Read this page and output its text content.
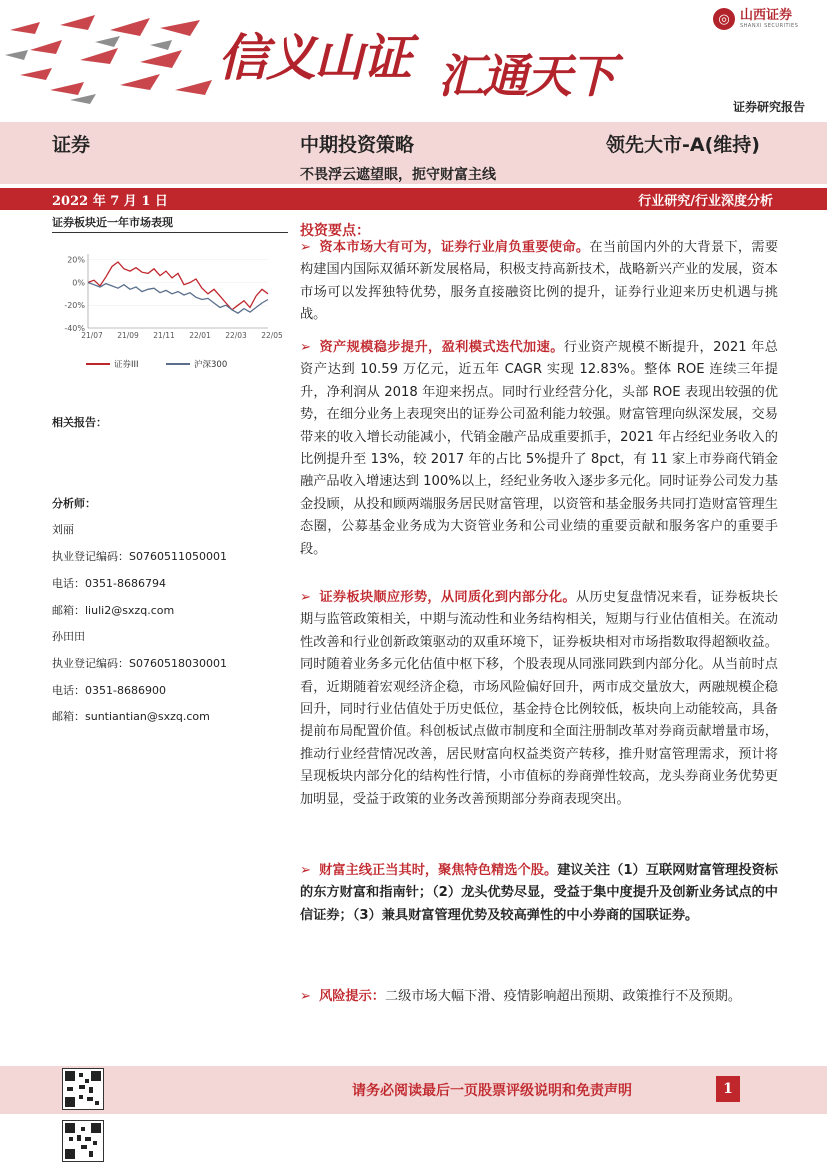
信义山证 汇通天下
◎ 山西证券
SHANXI SECURITIES
证券研究报告
证券	中期投资策略	领先大市-A(维持)
不畏浮云遮望眼，扼守财富主线
2022 年 7 月 1 日	行业研究/行业深度分析
证券板块近一年市场表现
20%
0%
-20%
-40%
21/07 21/09 21/11 22/01 22/03 22/05
证券III	沪深300
相关报告：
分析师：
刘丽
执业登记编码：S0760511050001
电话：0351-8686794
邮箱：liuli2@sxzq.com
孙田田
执业登记编码：S0760518030001
电话：0351-8686900
邮箱：suntiantian@sxzq.com
投资要点：
➢ 资本市场大有可为，证券行业肩负重要使命。在当前国内外的大背景下，需要构建国内国际双循环新发展格局，积极支持高新技术，战略新兴产业的发展，资本市场可以发挥独特优势，服务直接融资比例的提升，证券行业迎来历史机遇与挑战。
➢ 资产规模稳步提升，盈利模式迭代加速。行业资产规模不断提升，2021 年总资产达到 10.59 万亿元，近五年 CAGR 实现 12.83%。整体 ROE 连续三年提升，净利润从 2018 年迎来拐点。同时行业经营分化，头部 ROE 表现出较强的优势，在细分业务上表现突出的证券公司盈利能力较强。财富管理向纵深发展，交易带来的收入增长动能减小，代销金融产品成重要抓手，2021 年占经纪业务收入的比例提升至 13%，较 2017 年的占比 5%提升了 8pct，有 11 家上市券商代销金融产品收入增速达到 100%以上，经纪业务收入逐步多元化。同时证券公司发力基金投顾，从投和顾两端服务居民财富管理，以资管和基金服务共同打造财富管理生态圈，公募基金业务成为大资管业务和公司业绩的重要贡献和服务客户的重要手段。
➢ 证券板块顺应形势，从同质化到内部分化。从历史复盘情况来看，证券板块长期与监管政策相关，中期与流动性和业务结构相关，短期与行业估值相关。在流动性改善和行业创新政策驱动的双重环境下，证券板块相对市场指数取得超额收益。同时随着业务多元化估值中枢下移，个股表现从同涨同跌到内部分化。从当前时点看，近期随着宏观经济企稳，市场风险偏好回升，两市成交量放大，两融规模企稳回升，同时行业估值处于历史低位，基金持仓比例较低，板块向上动能较高，具备提前布局配置价值。科创板试点做市制度和全面注册制改革对券商贡献增量市场，推动行业经营情况改善，居民财富向权益类资产转移，推升财富管理需求，预计将呈现板块内部分化的结构性行情，小市值标的券商弹性较高，龙头券商业务优势更加明显，受益于政策的业务改善预期部分券商表现突出。
➢ 财富主线正当其时，聚焦特色精选个股。建议关注（1）互联网财富管理投资标的东方财富和指南针；（2）龙头优势尽显，受益于集中度提升及创新业务试点的中信证券；（3）兼具财富管理优势及较高弹性的中小券商的国联证券。
➢ 风险提示：二级市场大幅下滑、疫情影响超出预期、政策推行不及预期。
请务必阅读最后一页股票评级说明和免责声明	1
